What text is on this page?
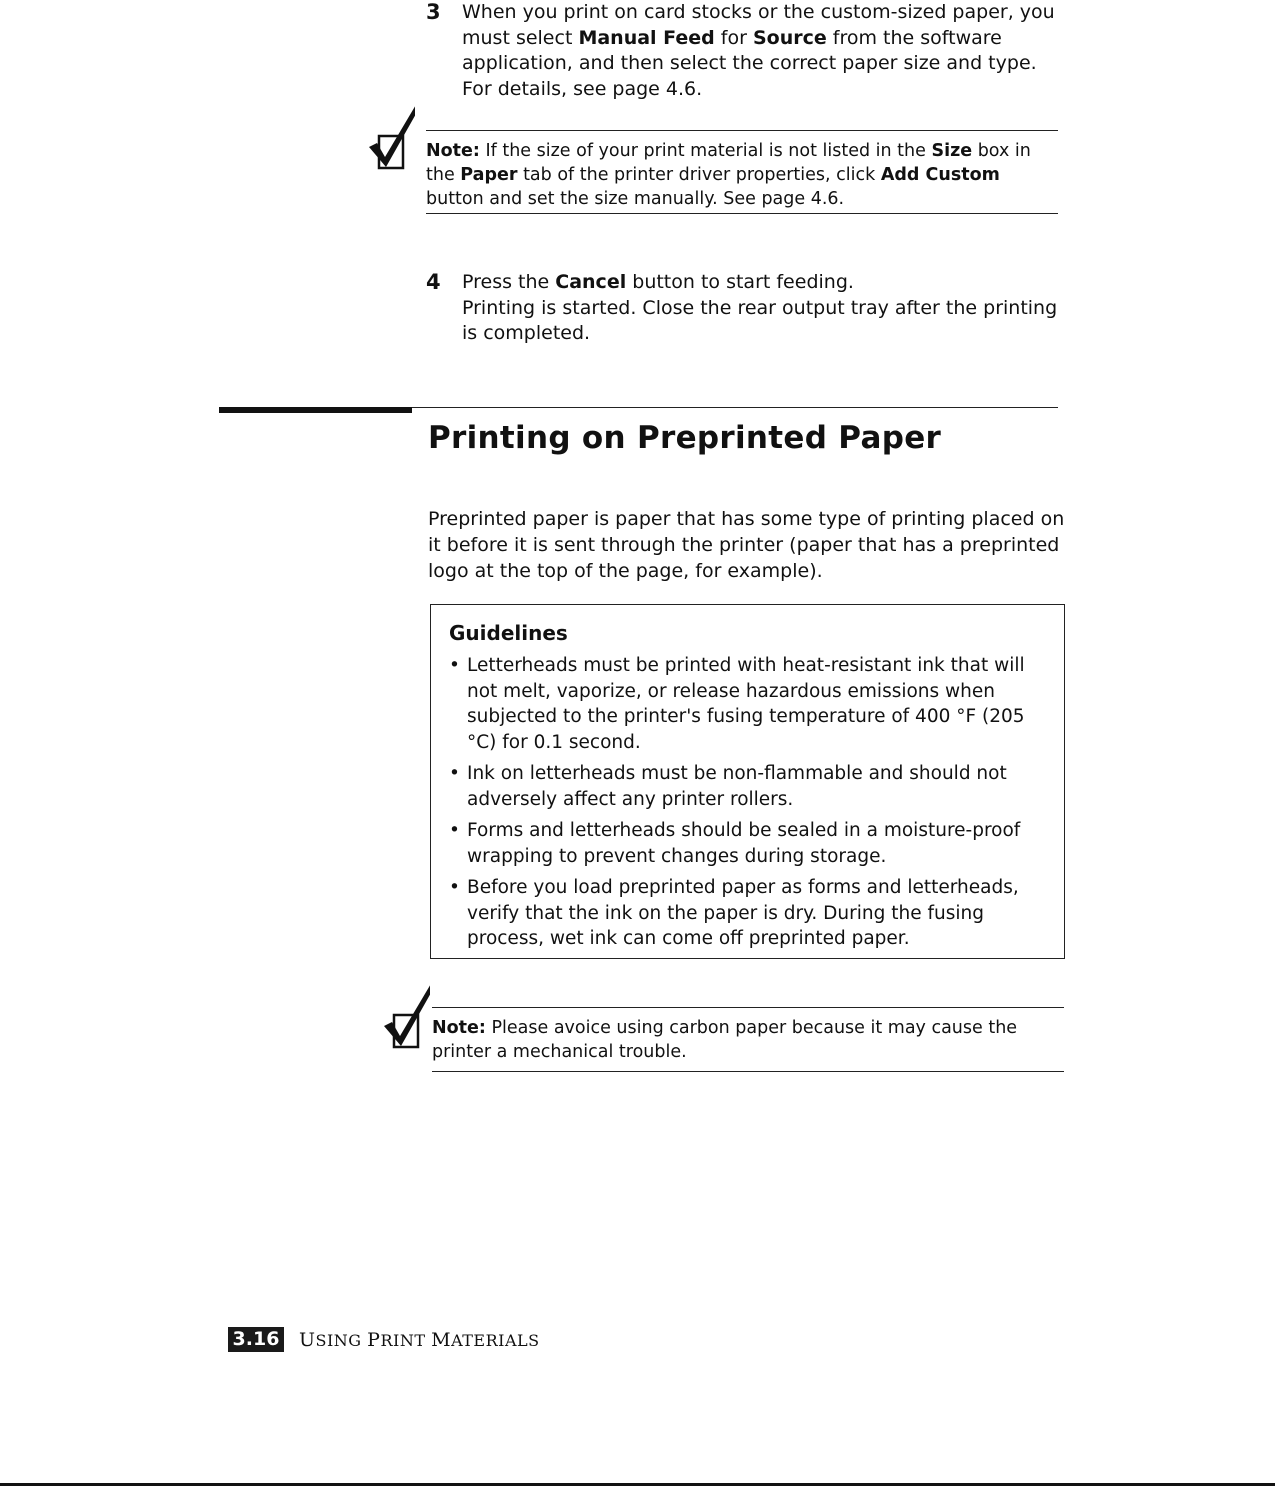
3 When you print on card stocks or the custom-sized paper, you must select Manual Feed for Source from the software application, and then select the correct paper size and type. For details, see page 4.6.
Note: If the size of your print material is not listed in the Size box in the Paper tab of the printer driver properties, click Add Custom button and set the size manually. See page 4.6.
4 Press the Cancel button to start feeding.
Printing is started. Close the rear output tray after the printing is completed.
Printing on Preprinted Paper
Preprinted paper is paper that has some type of printing placed on it before it is sent through the printer (paper that has a preprinted logo at the top of the page, for example).
Guidelines
• Letterheads must be printed with heat-resistant ink that will not melt, vaporize, or release hazardous emissions when subjected to the printer's fusing temperature of 400 °F (205 °C) for 0.1 second.
• Ink on letterheads must be non-flammable and should not adversely affect any printer rollers.
• Forms and letterheads should be sealed in a moisture-proof wrapping to prevent changes during storage.
• Before you load preprinted paper as forms and letterheads, verify that the ink on the paper is dry. During the fusing process, wet ink can come off preprinted paper.
Note: Please avoice using carbon paper because it may cause the printer a mechanical trouble.
3.16 USING PRINT MATERIALS
